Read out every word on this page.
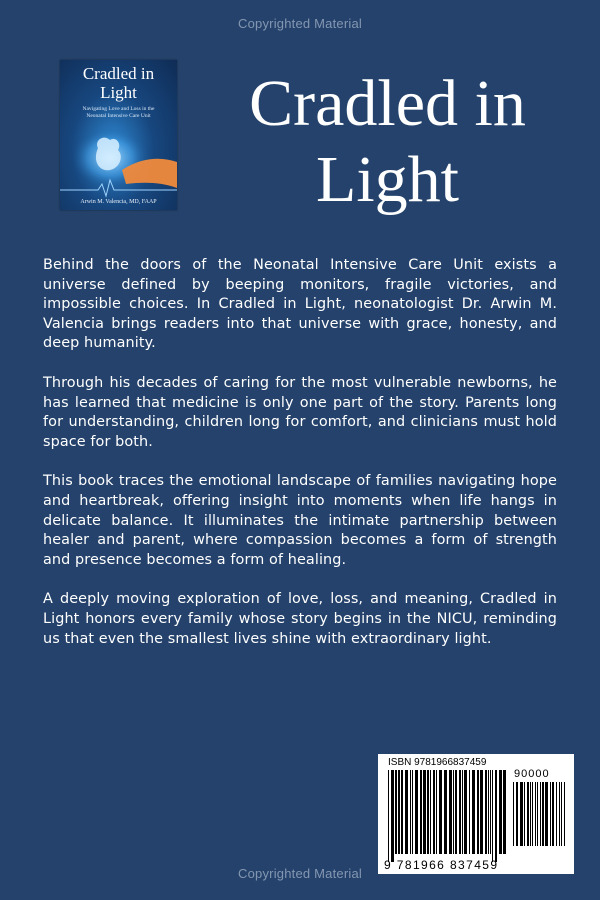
Copyrighted Material
Cradled in
Light
Navigating Love and Loss in the
Neonatal Intensive Care Unit
Arwin M. Valencia, MD, FAAP
Cradled in
Light

Behind the doors of the Neonatal Intensive Care Unit exists a universe defined by beeping monitors, fragile victories, and impossible choices. In Cradled in Light, neonatologist Dr. Arwin M. Valencia brings readers into that universe with grace, honesty, and deep humanity.

Through his decades of caring for the most vulnerable newborns, he has learned that medicine is only one part of the story. Parents long for understanding, children long for comfort, and clinicians must hold space for both.

This book traces the emotional landscape of families navigating hope and heartbreak, offering insight into moments when life hangs in delicate balance. It illuminates the intimate partnership between healer and parent, where compassion becomes a form of strength and presence becomes a form of healing.

A deeply moving exploration of love, loss, and meaning, Cradled in Light honors every family whose story begins in the NICU, reminding us that even the smallest lives shine with extraordinary light.

ISBN 9781966837459
90000
9 781966 837459
Copyrighted Material
